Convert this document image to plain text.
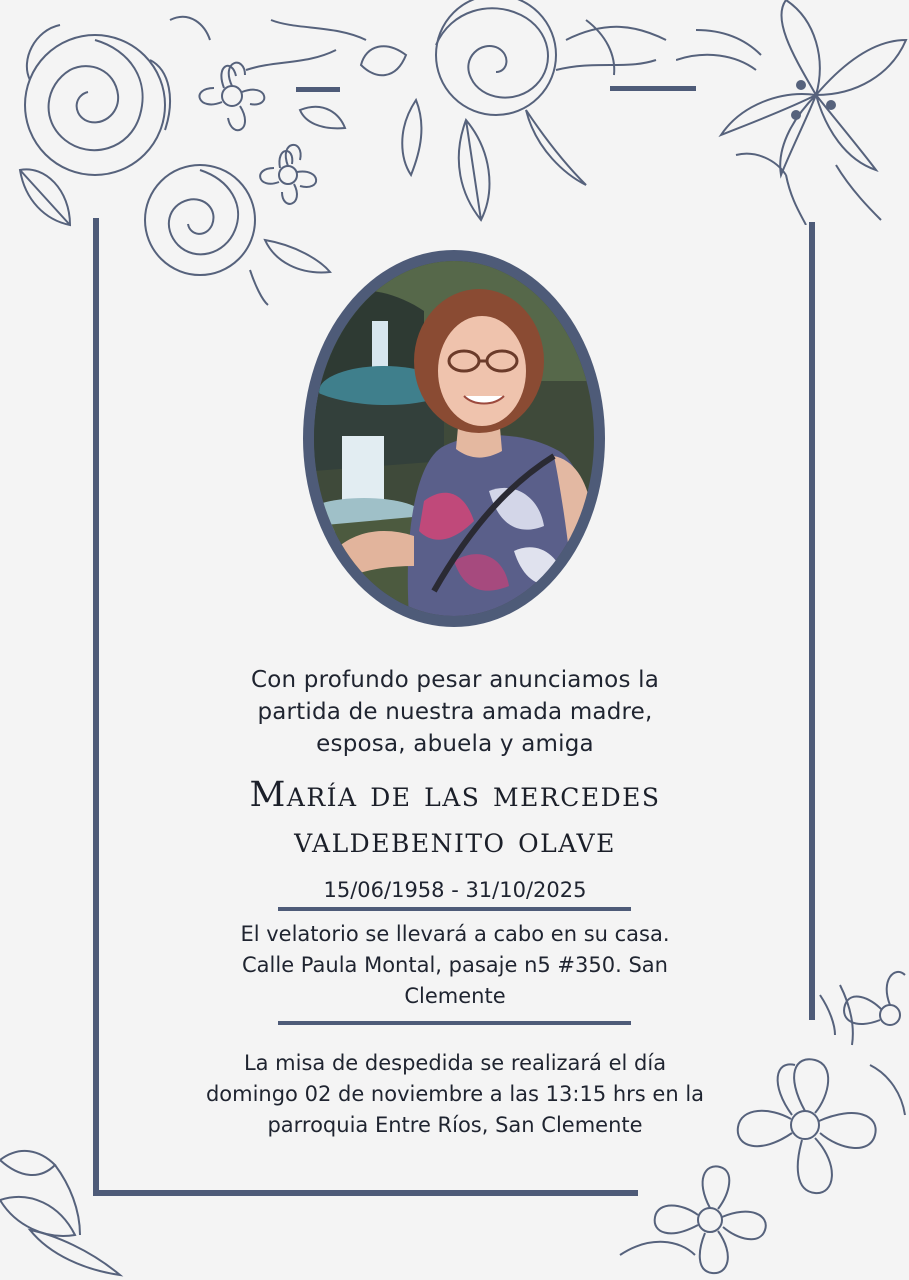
Con profundo pesar anunciamos la
partida de nuestra amada madre,
esposa, abuela y amiga
María de las mercedes
valdebenito olave
15/06/1958 - 31/10/2025
El velatorio se llevará a cabo en su casa.
Calle Paula Montal, pasaje n5 #350. San
Clemente
La misa de despedida se realizará el día
domingo 02 de noviembre a las 13:15 hrs en la
parroquia Entre Ríos, San Clemente
